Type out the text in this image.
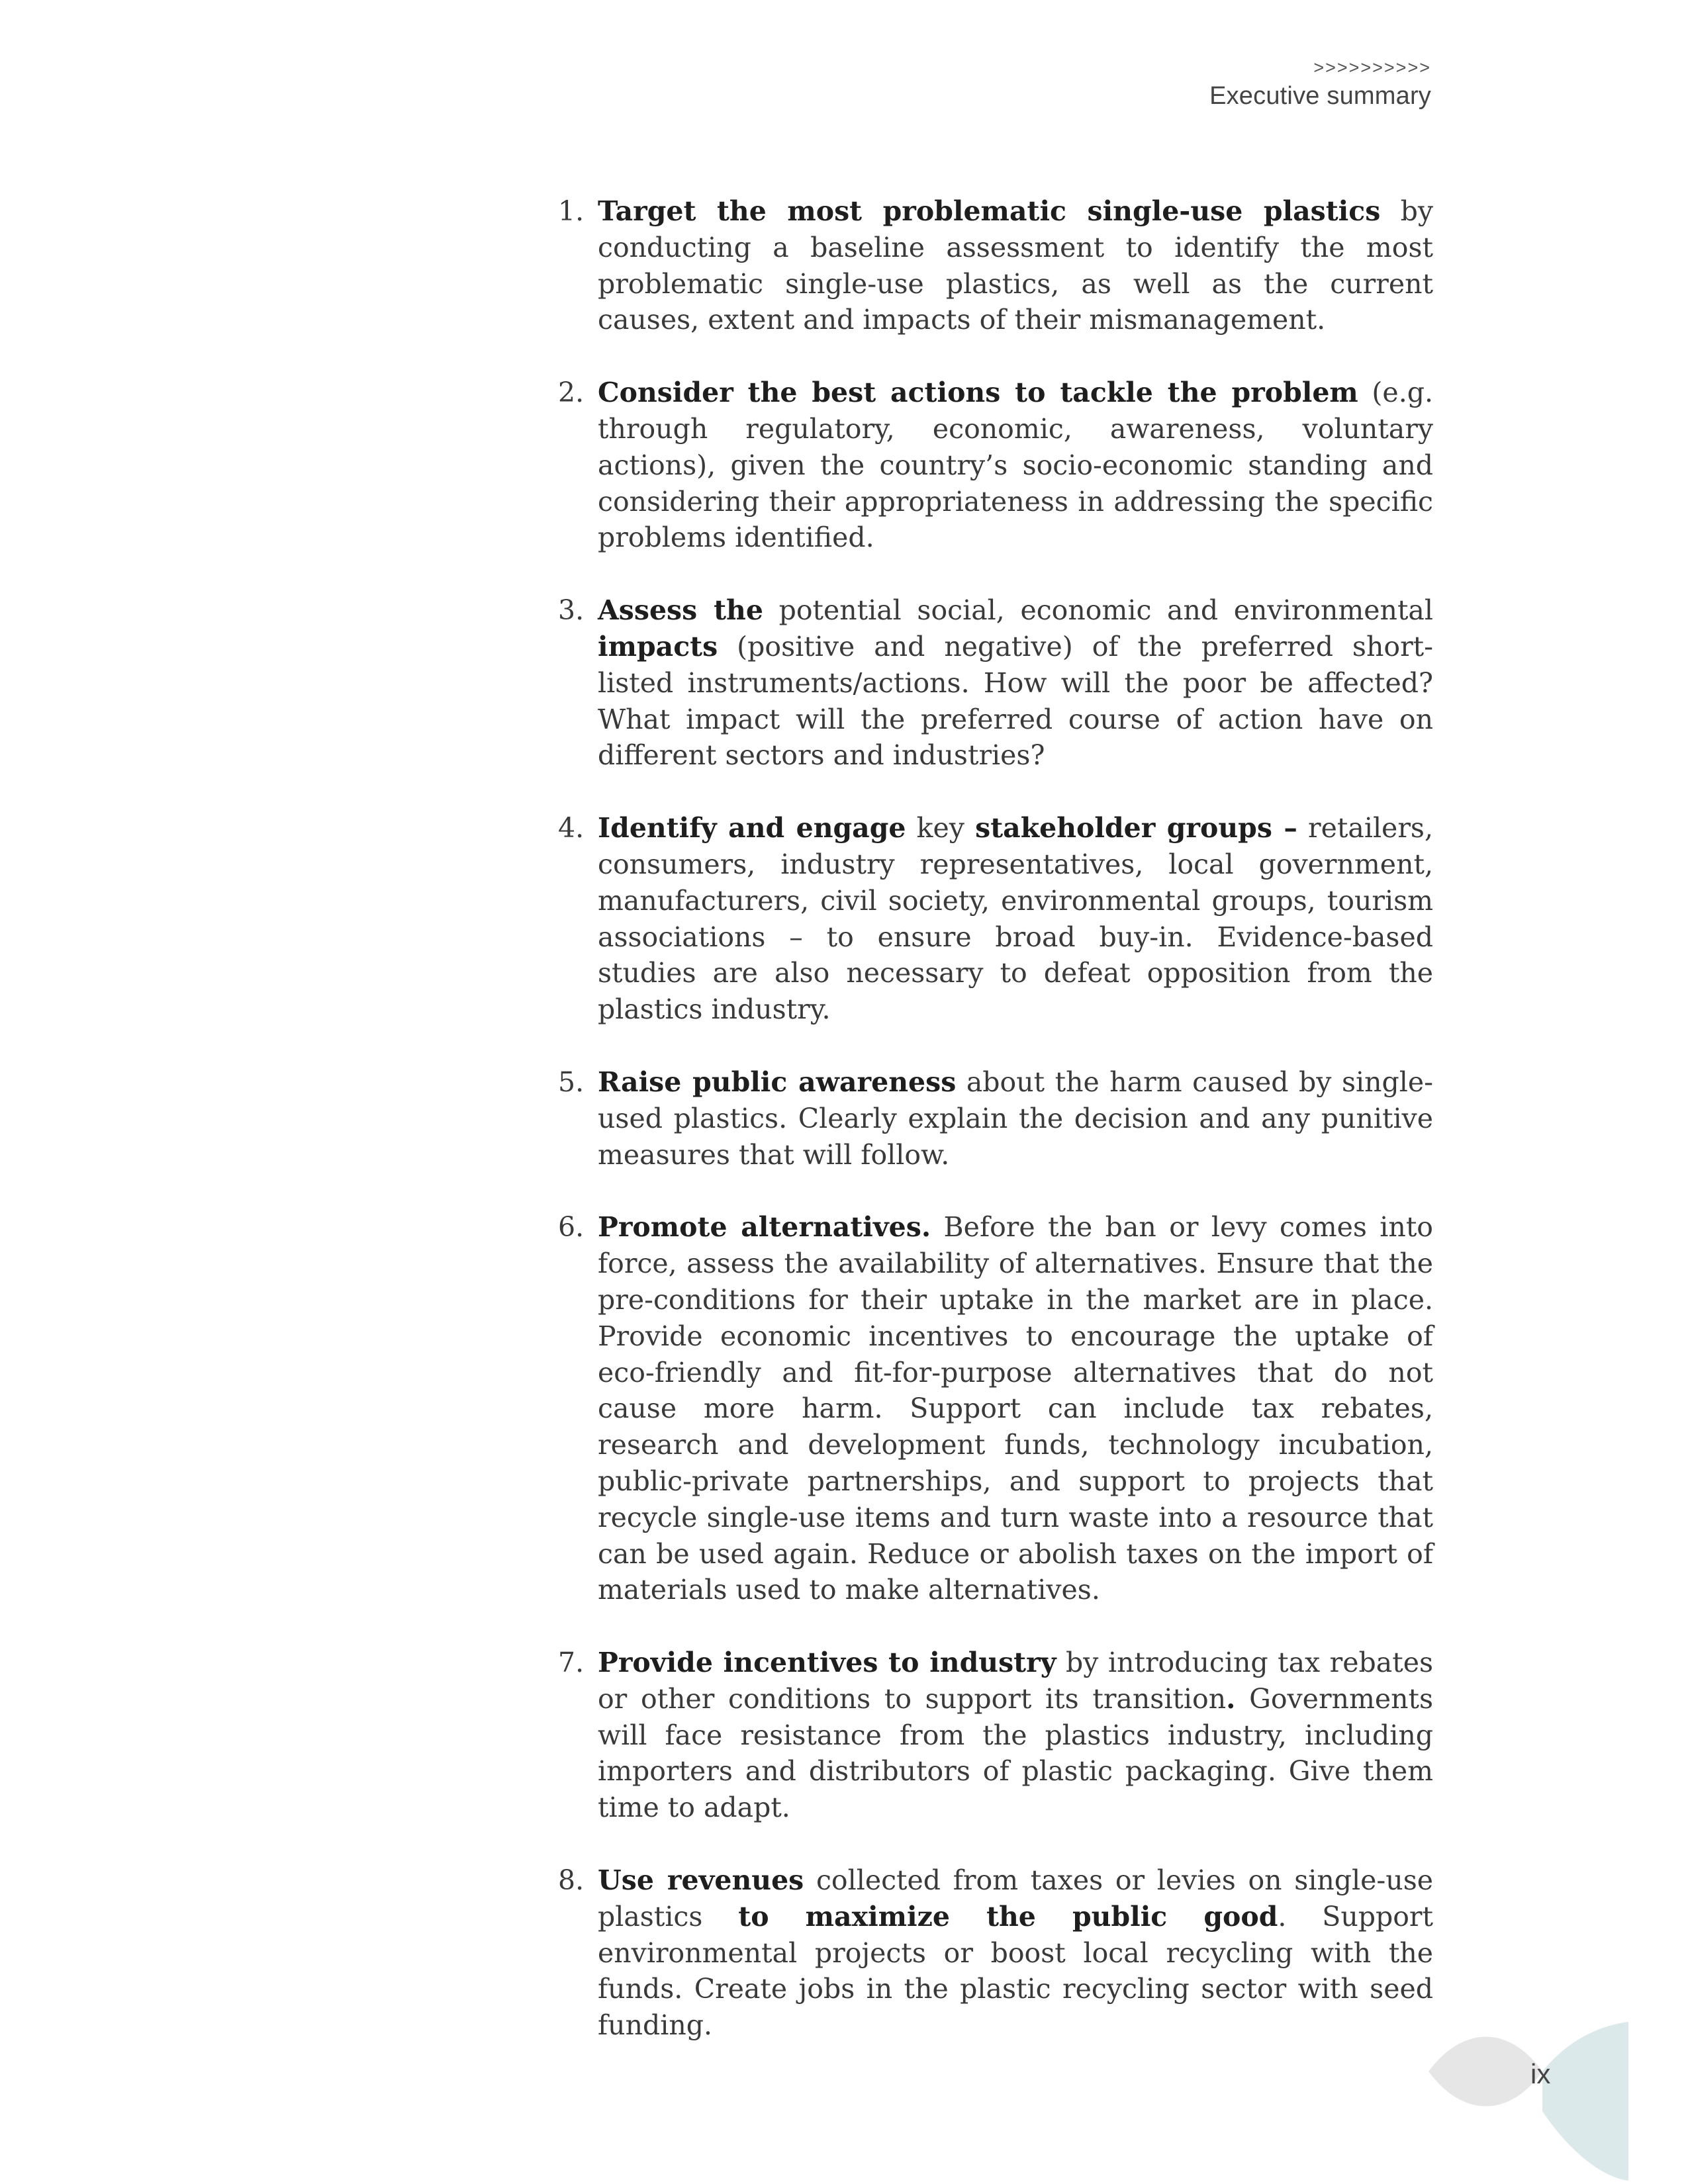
>>>>>>>>>>
Executive summary
1. Target the most problematic single-use plastics by conducting a baseline assessment to identify the most problematic single-use plastics, as well as the current causes, extent and impacts of their mismanagement.
2. Consider the best actions to tackle the problem (e.g. through regulatory, economic, awareness, voluntary actions), given the country’s socio-economic standing and considering their appropriateness in addressing the specific problems identified.
3. Assess the potential social, economic and environmental impacts (positive and negative) of the preferred short-listed instruments/actions. How will the poor be affected? What impact will the preferred course of action have on different sectors and industries?
4. Identify and engage key stakeholder groups – retailers, consumers, industry representatives, local government, manufacturers, civil society, environmental groups, tourism associations – to ensure broad buy-in. Evidence-based studies are also necessary to defeat opposition from the plastics industry.
5. Raise public awareness about the harm caused by single-used plastics. Clearly explain the decision and any punitive measures that will follow.
6. Promote alternatives. Before the ban or levy comes into force, assess the availability of alternatives. Ensure that the pre-conditions for their uptake in the market are in place. Provide economic incentives to encourage the uptake of eco-friendly and fit-for-purpose alternatives that do not cause more harm. Support can include tax rebates, research and development funds, technology incubation, public-private partnerships, and support to projects that recycle single-use items and turn waste into a resource that can be used again. Reduce or abolish taxes on the import of materials used to make alternatives.
7. Provide incentives to industry by introducing tax rebates or other conditions to support its transition. Governments will face resistance from the plastics industry, including importers and distributors of plastic packaging. Give them time to adapt.
8. Use revenues collected from taxes or levies on single-use plastics to maximize the public good. Support environmental projects or boost local recycling with the funds. Create jobs in the plastic recycling sector with seed funding.
ix
